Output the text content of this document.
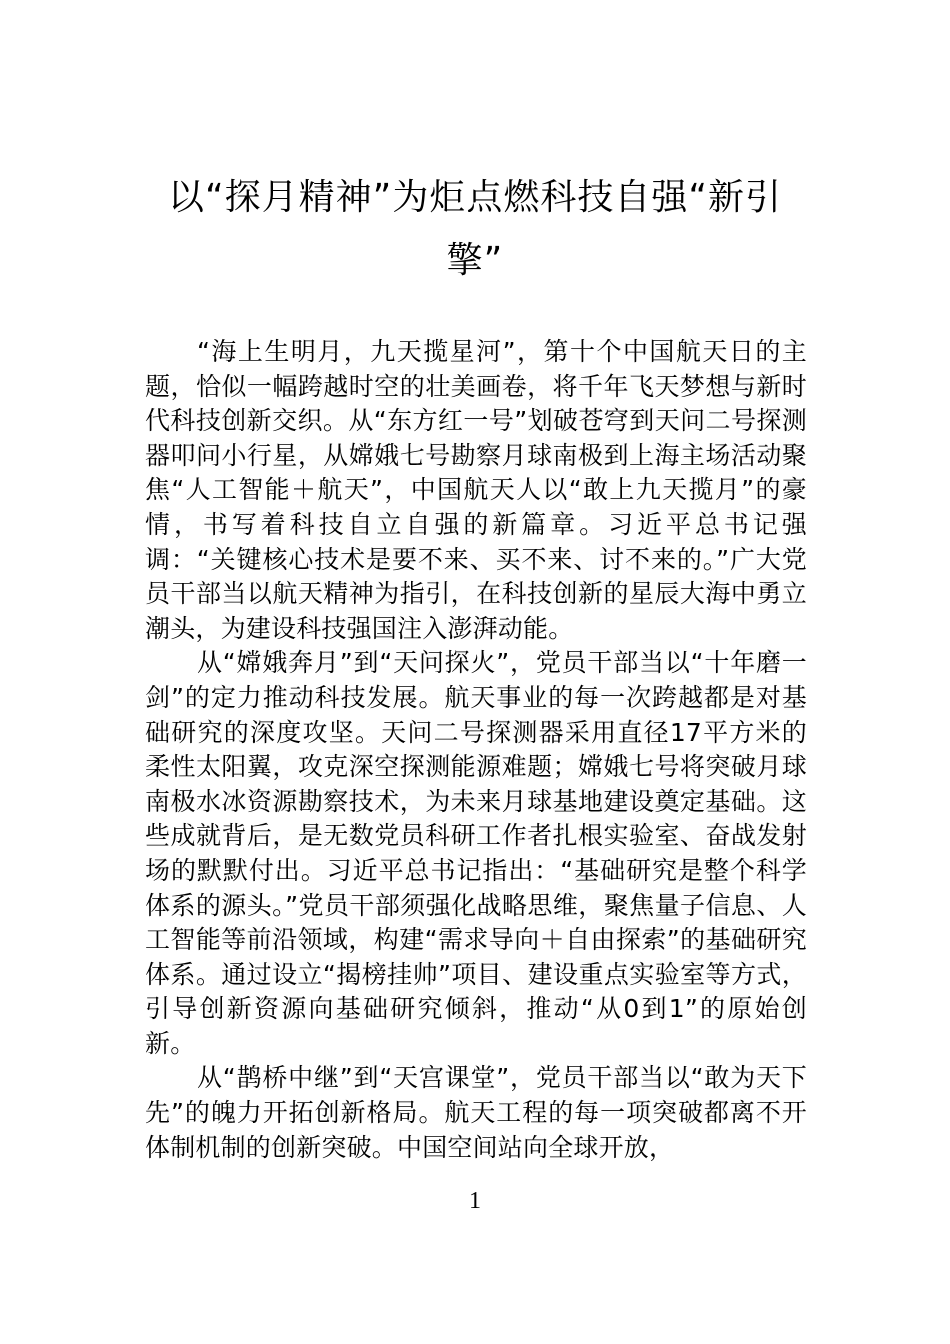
以“探月精神”为炬点燃科技自强“新引擎”

“海上生明月，九天揽星河”，第十个中国航天日的主题，恰似一幅跨越时空的壮美画卷，将千年飞天梦想与新时代科技创新交织。从“东方红一号”划破苍穹到天问二号探测器叩问小行星，从嫦娥七号勘察月球南极到上海主场活动聚焦“人工智能＋航天”，中国航天人以“敢上九天揽月”的豪情，书写着科技自立自强的新篇章。习近平总书记强调：“关键核心技术是要不来、买不来、讨不来的。”广大党员干部当以航天精神为指引，在科技创新的星辰大海中勇立潮头，为建设科技强国注入澎湃动能。

从“嫦娥奔月”到“天问探火”，党员干部当以“十年磨一剑”的定力推动科技发展。航天事业的每一次跨越都是对基础研究的深度攻坚。天问二号探测器采用直径17平方米的柔性太阳翼，攻克深空探测能源难题；嫦娥七号将突破月球南极水冰资源勘察技术，为未来月球基地建设奠定基础。这些成就背后，是无数党员科研工作者扎根实验室、奋战发射场的默默付出。习近平总书记指出：“基础研究是整个科学体系的源头。”党员干部须强化战略思维，聚焦量子信息、人工智能等前沿领域，构建“需求导向＋自由探索”的基础研究体系。通过设立“揭榜挂帅”项目、建设重点实验室等方式，引导创新资源向基础研究倾斜，推动“从0到1”的原始创新。

从“鹊桥中继”到“天宫课堂”，党员干部当以“敢为天下先”的魄力开拓创新格局。航天工程的每一项突破都离不开体制机制的创新突破。中国空间站向全球开放，

1
